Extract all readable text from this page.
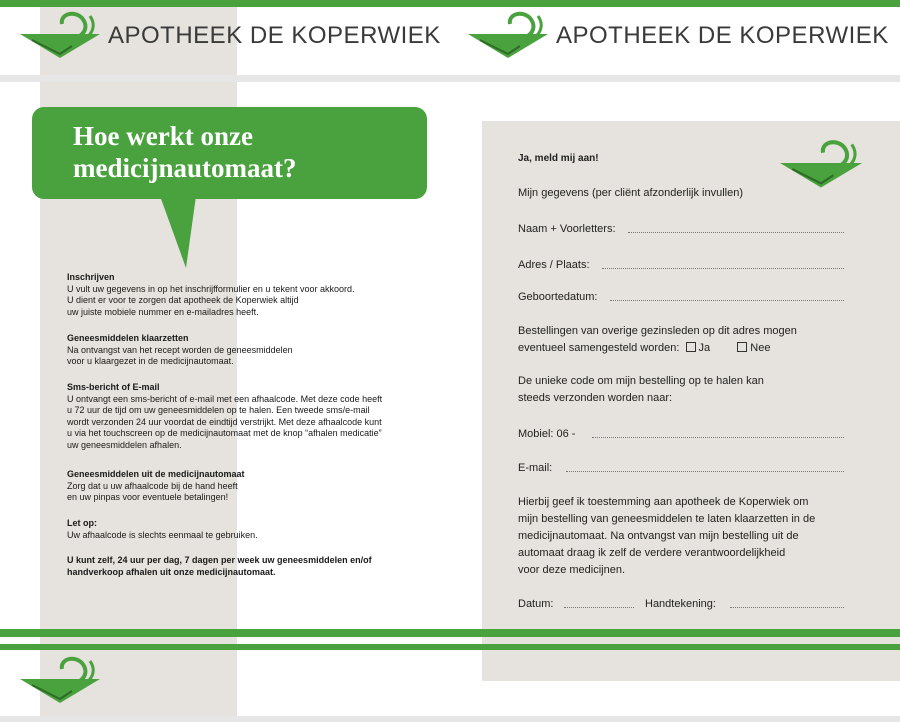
APOTHEEK DE KOPERWIEK	APOTHEEK DE KOPERWIEK
Hoe werkt onze medicijnautomaat?
Inschrijven
U vult uw gegevens in op het inschrijfformulier en u tekent voor akkoord.
U dient er voor te zorgen dat apotheek de Koperwiek altijd
uw juiste mobiele nummer en e-mailadres heeft.
Geneesmiddelen klaarzetten
Na ontvangst van het recept worden de geneesmiddelen
voor u klaargezet in de medicijnautomaat.
Sms-bericht of E-mail
U ontvangt een sms-bericht of e-mail met een afhaalcode. Met deze code heeft
u 72 uur de tijd om uw geneesmiddelen op te halen. Een tweede sms/e-mail
wordt verzonden 24 uur voordat de eindtijd verstrijkt. Met deze afhaalcode kunt
u via het touchscreen op de medicijnautomaat met de knop “afhalen medicatie”
uw geneesmiddelen afhalen.
Geneesmiddelen uit de medicijnautomaat
Zorg dat u uw afhaalcode bij de hand heeft
en uw pinpas voor eventuele betalingen!
Let op:
Uw afhaalcode is slechts eenmaal te gebruiken.
U kunt zelf, 24 uur per dag, 7 dagen per week uw geneesmiddelen en/of
handverkoop afhalen uit onze medicijnautomaat.
Ja, meld mij aan!
Mijn gegevens (per cliënt afzonderlijk invullen)
Naam + Voorletters:
Adres / Plaats:
Geboortedatum:
Bestellingen van overige gezinsleden op dit adres mogen
eventueel samengesteld worden: Ja	Nee
De unieke code om mijn bestelling op te halen kan
steeds verzonden worden naar:
Mobiel: 06 -
E-mail:
Hierbij geef ik toestemming aan apotheek de Koperwiek om
mijn bestelling van geneesmiddelen te laten klaarzetten in de
medicijnautomaat. Na ontvangst van mijn bestelling uit de
automaat draag ik zelf de verdere verantwoordelijkheid
voor deze medicijnen.
Datum:	Handtekening:
